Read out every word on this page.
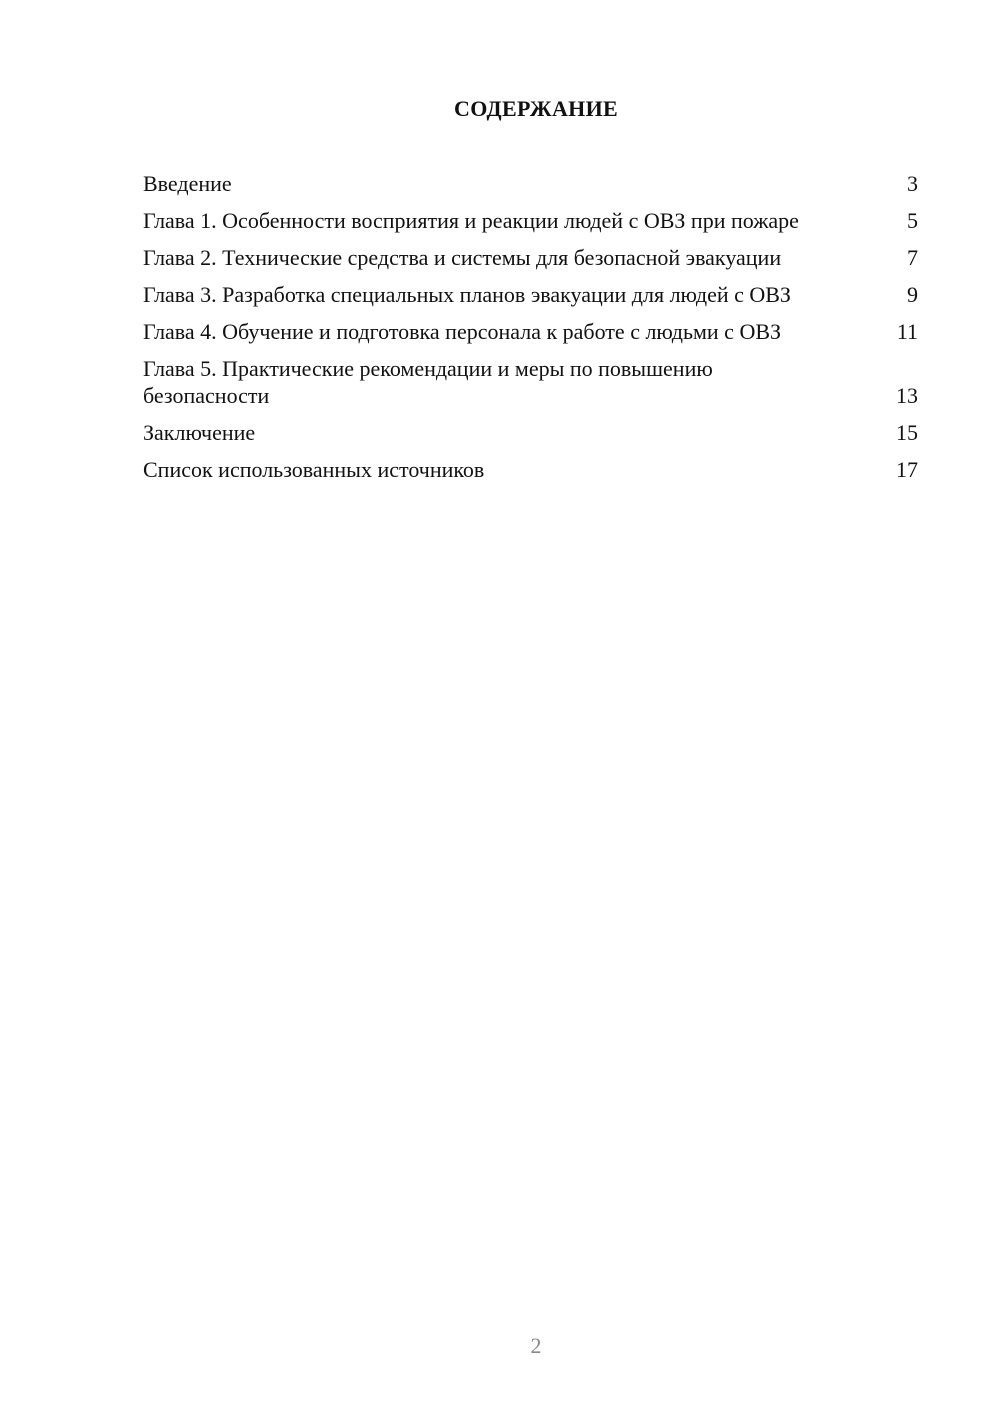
СОДЕРЖАНИЕ
Введение	3
Глава 1. Особенности восприятия и реакции людей с ОВЗ при пожаре	5
Глава 2. Технические средства и системы для безопасной эвакуации	7
Глава 3. Разработка специальных планов эвакуации для людей с ОВЗ	9
Глава 4. Обучение и подготовка персонала к работе с людьми с ОВЗ	11
Глава 5. Практические рекомендации и меры по повышению безопасности	13
Заключение	15
Список использованных источников	17
2
